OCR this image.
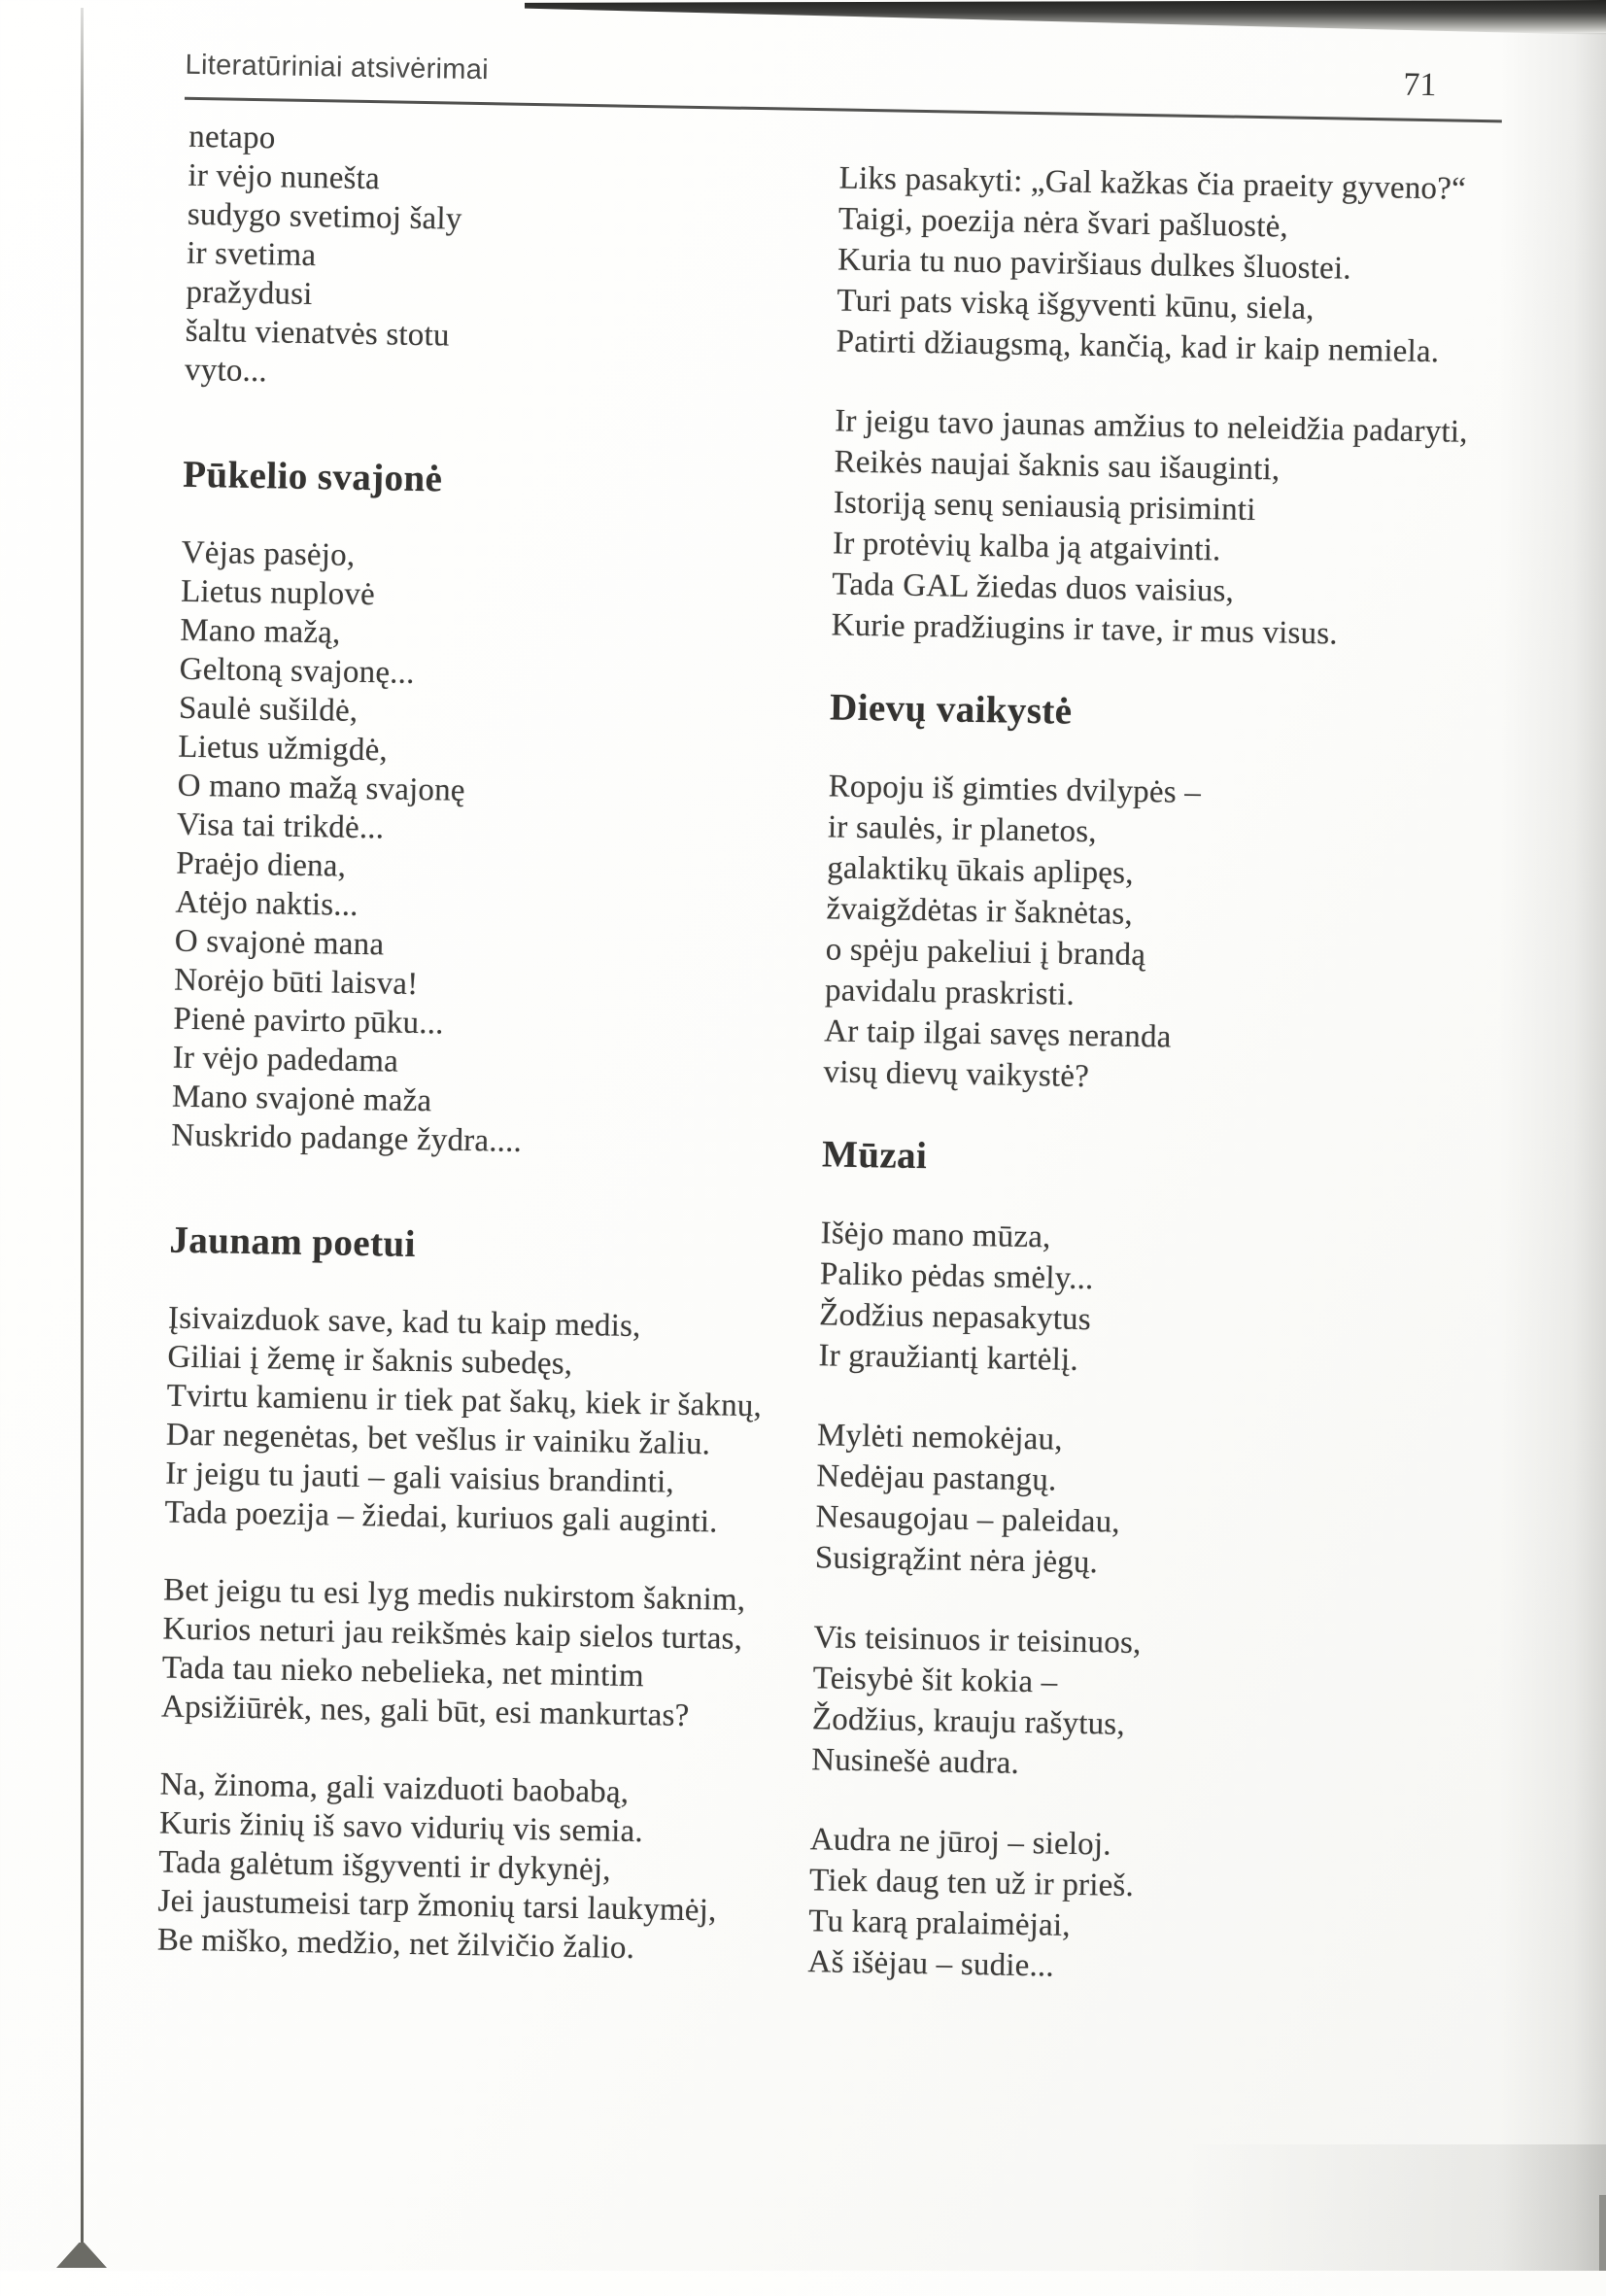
Literatūriniai atsivėrimai	71

netapo
ir vėjo nunešta
sudygo svetimoj šaly
ir svetima
pražydusi
šaltu vienatvės stotu
vyto...

Pūkelio svajonė

Vėjas pasėjo,
Lietus nuplovė
Mano mažą,
Geltoną svajonę...
Saulė sušildė,
Lietus užmigdė,
O mano mažą svajonę
Visa tai trikdė...
Praėjo diena,
Atėjo naktis...
O svajonė mana
Norėjo būti laisva!
Pienė pavirto pūku...
Ir vėjo padedama
Mano svajonė maža
Nuskrido padange žydra....

Jaunam poetui

Įsivaizduok save, kad tu kaip medis,
Giliai į žemę ir šaknis subedęs,
Tvirtu kamienu ir tiek pat šakų, kiek ir šaknų,
Dar negenėtas, bet vešlus ir vainiku žaliu.
Ir jeigu tu jauti – gali vaisius brandinti,
Tada poezija – žiedai, kuriuos gali auginti.

Bet jeigu tu esi lyg medis nukirstom šaknim,
Kurios neturi jau reikšmės kaip sielos turtas,
Tada tau nieko nebelieka, net mintim
Apsižiūrėk, nes, gali būt, esi mankurtas?

Na, žinoma, gali vaizduoti baobabą,
Kuris žinių iš savo vidurių vis semia.
Tada galėtum išgyventi ir dykynėj,
Jei jaustumeisi tarp žmonių tarsi laukymėj,
Be miško, medžio, net žilvičio žalio.

Liks pasakyti: „Gal kažkas čia praeity gyveno?“
Taigi, poezija nėra švari pašluostė,
Kuria tu nuo paviršiaus dulkes šluostei.
Turi pats viską išgyventi kūnu, siela,
Patirti džiaugsmą, kančią, kad ir kaip nemiela.

Ir jeigu tavo jaunas amžius to neleidžia padaryti,
Reikės naujai šaknis sau išauginti,
Istoriją senų seniausią prisiminti
Ir protėvių kalba ją atgaivinti.
Tada GAL žiedas duos vaisius,
Kurie pradžiugins ir tave, ir mus visus.

Dievų vaikystė

Ropoju iš gimties dvilypės –
ir saulės, ir planetos,
galaktikų ūkais aplipęs,
žvaigždėtas ir šaknėtas,
o spėju pakeliui į brandą
pavidalu praskristi.
Ar taip ilgai savęs neranda
visų dievų vaikystė?

Mūzai

Išėjo mano mūza,
Paliko pėdas smėly...
Žodžius nepasakytus
Ir graužiantį kartėlį.

Mylėti nemokėjau,
Nedėjau pastangų.
Nesaugojau – paleidau,
Susigrąžint nėra jėgų.

Vis teisinuos ir teisinuos,
Teisybė šit kokia –
Žodžius, krauju rašytus,
Nusinešė audra.

Audra ne jūroj – sieloj.
Tiek daug ten už ir prieš.
Tu karą pralaimėjai,
Aš išėjau – sudie...
